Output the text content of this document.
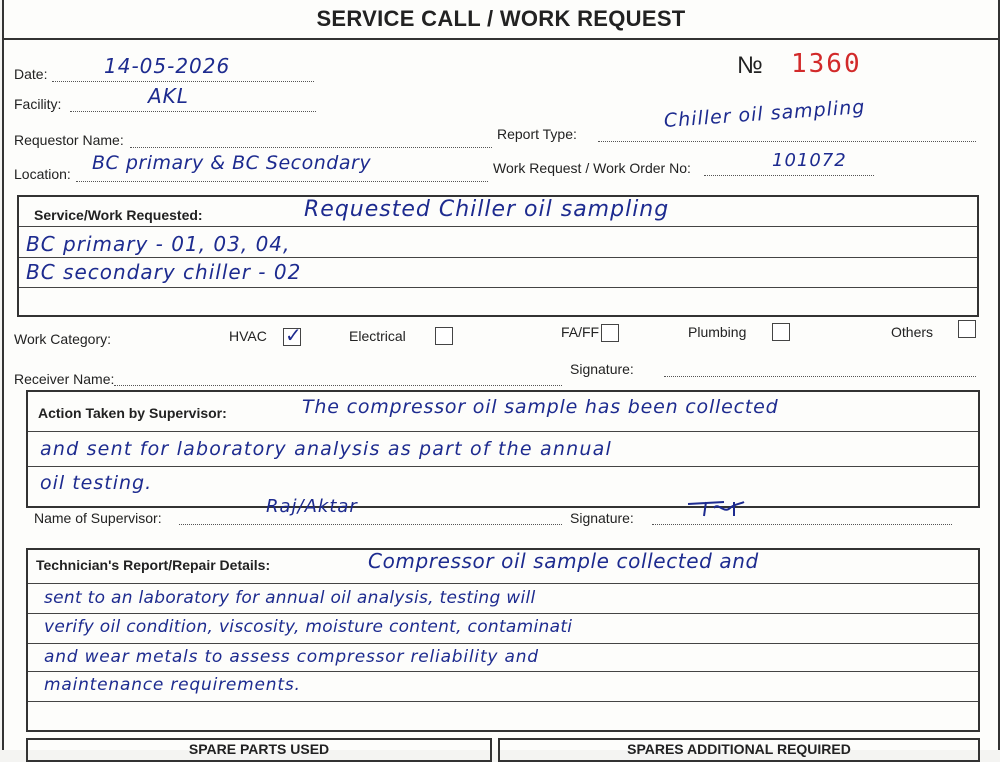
SERVICE CALL / WORK REQUEST
Date:	14-05-2026	№ 1360
Facility:	AKL
Requestor Name:	Report Type:
Chiller oil sampling
Location: BC primary & BC Secondary	Work Request / Work Order No:	101072
Service/Work Requested:	Requested Chiller oil sampling
BC primary - 01, 03, 04,
BC secondary chiller - 02
Work Category:	HVAC ✓	Electrical	FA/FF	Plumbing	Others
Receiver Name:
Signature:
Action Taken by Supervisor:	The compressor oil sample has been collected
and sent for laboratory analysis as part of the annual
oil testing.
Name of Supervisor:
Raj/Aktar
Signature:
Technician's Report/Repair Details:	Compressor oil sample collected and
sent to an laboratory for annual oil analysis, testing will
verify oil condition, viscosity, moisture content, contaminati
and wear metals to assess compressor reliability and
maintenance requirements.
SPARE PARTS USED	SPARES ADDITIONAL REQUIRED
